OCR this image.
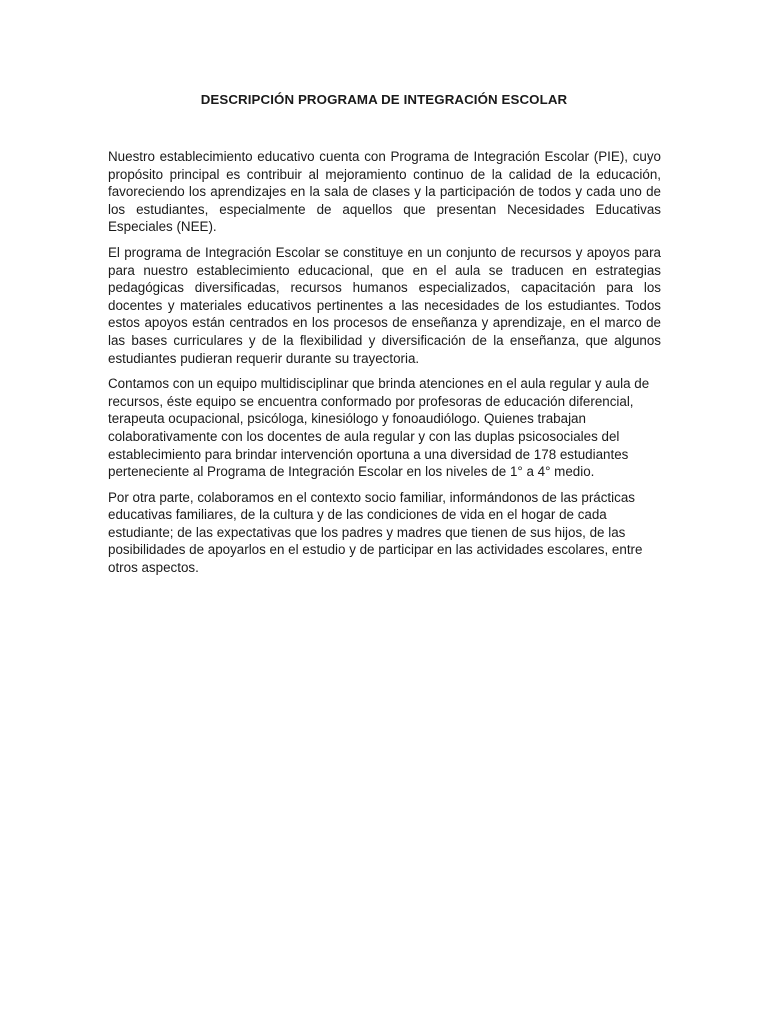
DESCRIPCIÓN PROGRAMA DE INTEGRACIÓN ESCOLAR

Nuestro establecimiento educativo cuenta con Programa de Integración Escolar (PIE), cuyo propósito principal es contribuir al mejoramiento continuo de la calidad de la educación, favoreciendo los aprendizajes en la sala de clases y la participación de todos y cada uno de los estudiantes, especialmente de aquellos que presentan Necesidades Educativas Especiales (NEE).

El programa de Integración Escolar se constituye en un conjunto de recursos y apoyos para para nuestro establecimiento educacional, que en el aula se traducen en estrategias pedagógicas diversificadas, recursos humanos especializados, capacitación para los docentes y materiales educativos pertinentes a las necesidades de los estudiantes. Todos estos apoyos están centrados en los procesos de enseñanza y aprendizaje, en el marco de las bases curriculares y de la flexibilidad y diversificación de la enseñanza, que algunos estudiantes pudieran requerir durante su trayectoria.

Contamos con un equipo multidisciplinar que brinda atenciones en el aula regular y aula de recursos, éste equipo se encuentra conformado por profesoras de educación diferencial, terapeuta ocupacional, psicóloga, kinesiólogo y fonoaudiólogo. Quienes trabajan colaborativamente con los docentes de aula regular y con las duplas psicosociales del establecimiento para brindar intervención oportuna a una diversidad de 178 estudiantes perteneciente al Programa de Integración Escolar en los niveles de 1° a 4° medio.

Por otra parte, colaboramos en el contexto socio familiar, informándonos de las prácticas educativas familiares, de la cultura y de las condiciones de vida en el hogar de cada estudiante; de las expectativas que los padres y madres que tienen de sus hijos, de las posibilidades de apoyarlos en el estudio y de participar en las actividades escolares, entre otros aspectos.
